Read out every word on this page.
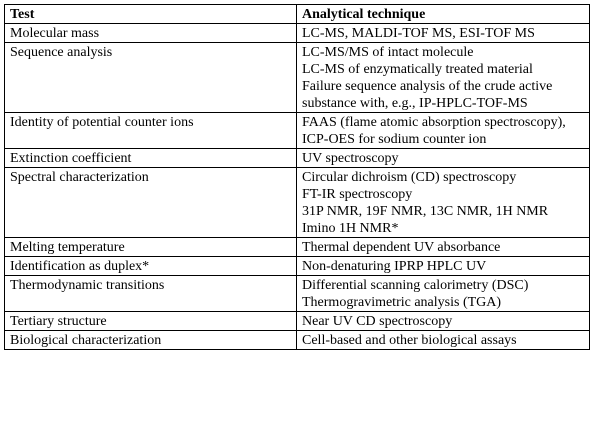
Test	Analytical technique
Molecular mass	LC-MS, MALDI-TOF MS, ESI-TOF MS

Sequence analysis	LC-MS/MS of intact molecule
LC-MS of enzymatically treated material
Failure sequence analysis of the crude active substance with, e.g., IP-HPLC-TOF-MS

Identity of potential counter ions	FAAS (flame atomic absorption spectroscopy), ICP-OES for sodium counter ion

Extinction coefficient	UV spectroscopy

Spectral characterization	Circular dichroism (CD) spectroscopy
FT-IR spectroscopy
31P NMR, 19F NMR, 13C NMR, 1H NMR
Imino 1H NMR*

Melting temperature	Thermal dependent UV absorbance

Identification as duplex*	Non-denaturing IPRP HPLC UV

Thermodynamic transitions	Differential scanning calorimetry (DSC)
Thermogravimetric analysis (TGA)

Tertiary structure	Near UV CD spectroscopy

Biological characterization	Cell-based and other biological assays
